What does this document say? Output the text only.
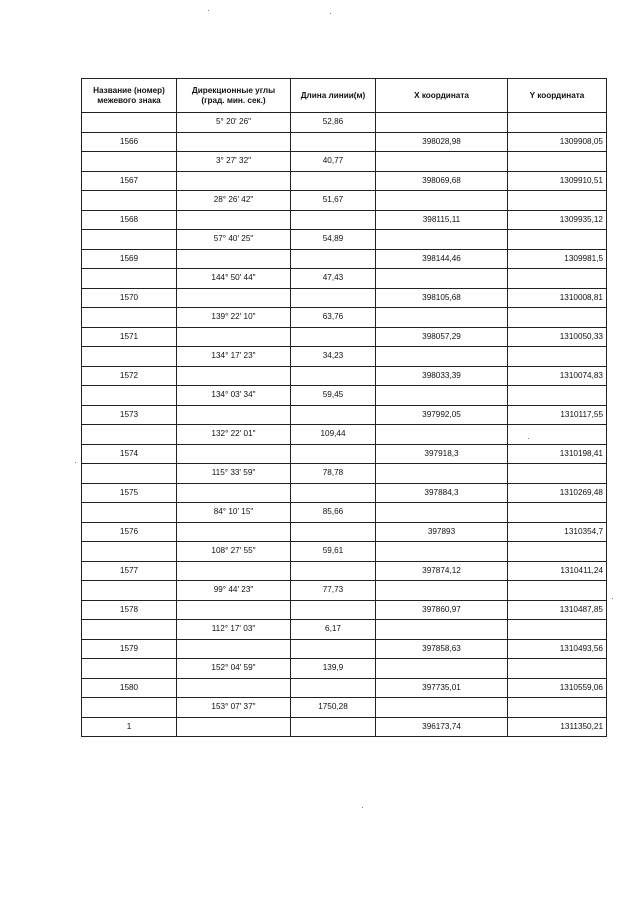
Название (номер) межевого знака	Дирекционные углы (град. мин. сек.)	Длина линии(м)	X координата	Y координата
	5° 20' 26"	52,86		
1566			398028,98	1309908,05
	3° 27' 32"	40,77		
1567			398069,68	1309910,51
	28° 26' 42"	51,67		
1568			398115,11	1309935,12
	57° 40' 25"	54,89		
1569			398144,46	1309981,5
	144° 50' 44"	47,43		
1570			398105,68	1310008,81
	139° 22' 10"	63,76		
1571			398057,29	1310050,33
	134° 17' 23"	34,23		
1572			398033,39	1310074,83
	134° 03' 34"	59,45		
1573			397992,05	1310117,55
	132° 22' 01"	109,44		
1574			397918,3	1310198,41
	115° 33' 59"	78,78		
1575			397884,3	1310269,48
	84° 10' 15"	85,66		
1576			397893	1310354,7
	108° 27' 55"	59,61		
1577			397874,12	1310411,24
	99° 44' 23"	77,73		
1578			397860,97	1310487,85
	112° 17' 03"	6,17		
1579			397858,63	1310493,56
	152° 04' 59"	139,9		
1580			397735,01	1310559,06
	153° 07' 37"	1750,28		
1			396173,74	1311350,21
